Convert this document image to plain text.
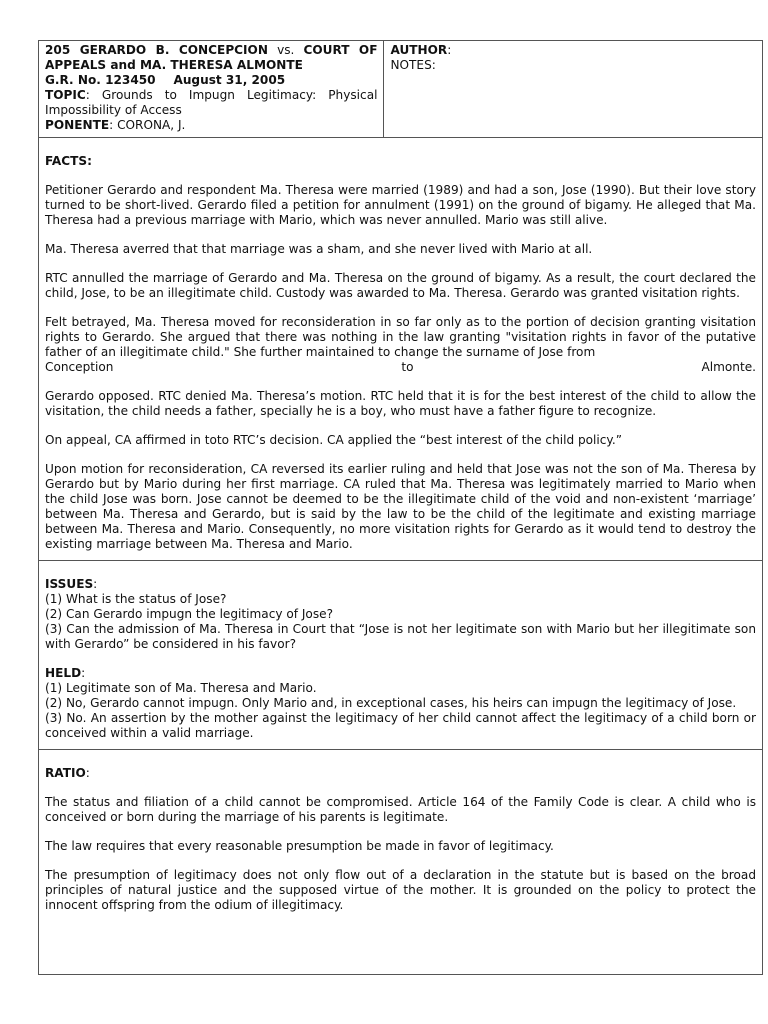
205 GERARDO B. CONCEPCION vs. COURT OF APPEALS and MA. THERESA ALMONTE
G.R. No. 123450 August 31, 2005
TOPIC: Grounds to Impugn Legitimacy: Physical Impossibility of Access
PONENTE: CORONA, J.

AUTHOR:
NOTES:

FACTS:

Petitioner Gerardo and respondent Ma. Theresa were married (1989) and had a son, Jose (1990). But their love story turned to be short-lived. Gerardo filed a petition for annulment (1991) on the ground of bigamy. He alleged that Ma. Theresa had a previous marriage with Mario, which was never annulled. Mario was still alive.

Ma. Theresa averred that that marriage was a sham, and she never lived with Mario at all.

RTC annulled the marriage of Gerardo and Ma. Theresa on the ground of bigamy. As a result, the court declared the child, Jose, to be an illegitimate child. Custody was awarded to Ma. Theresa. Gerardo was granted visitation rights.

Felt betrayed, Ma. Theresa moved for reconsideration in so far only as to the portion of decision granting visitation rights to Gerardo. She argued that there was nothing in the law granting "visitation rights in favor of the putative father of an illegitimate child." She further maintained to change the surname of Jose from

Conception	to	Almonte.

Gerardo opposed. RTC denied Ma. Theresa’s motion. RTC held that it is for the best interest of the child to allow the visitation, the child needs a father, specially he is a boy, who must have a father figure to recognize.

On appeal, CA affirmed in toto RTC’s decision. CA applied the “best interest of the child policy.”

Upon motion for reconsideration, CA reversed its earlier ruling and held that Jose was not the son of Ma. Theresa by Gerardo but by Mario during her first marriage. CA ruled that Ma. Theresa was legitimately married to Mario when the child Jose was born. Jose cannot be deemed to be the illegitimate child of the void and non-existent ‘marriage’ between Ma. Theresa and Gerardo, but is said by the law to be the child of the legitimate and existing marriage between Ma. Theresa and Mario. Consequently, no more visitation rights for Gerardo as it would tend to destroy the existing marriage between Ma. Theresa and Mario.

ISSUES:
(1) What is the status of Jose?
(2) Can Gerardo impugn the legitimacy of Jose?
(3) Can the admission of Ma. Theresa in Court that “Jose is not her legitimate son with Mario but her illegitimate son with Gerardo” be considered in his favor?
HELD:
(1) Legitimate son of Ma. Theresa and Mario.
(2) No, Gerardo cannot impugn. Only Mario and, in exceptional cases, his heirs can impugn the legitimacy of Jose.
(3) No. An assertion by the mother against the legitimacy of her child cannot affect the legitimacy of a child born or conceived within a valid marriage.

RATIO:

The status and filiation of a child cannot be compromised. Article 164 of the Family Code is clear. A child who is conceived or born during the marriage of his parents is legitimate.

The law requires that every reasonable presumption be made in favor of legitimacy.

The presumption of legitimacy does not only flow out of a declaration in the statute but is based on the broad principles of natural justice and the supposed virtue of the mother. It is grounded on the policy to protect the innocent offspring from the odium of illegitimacy.
